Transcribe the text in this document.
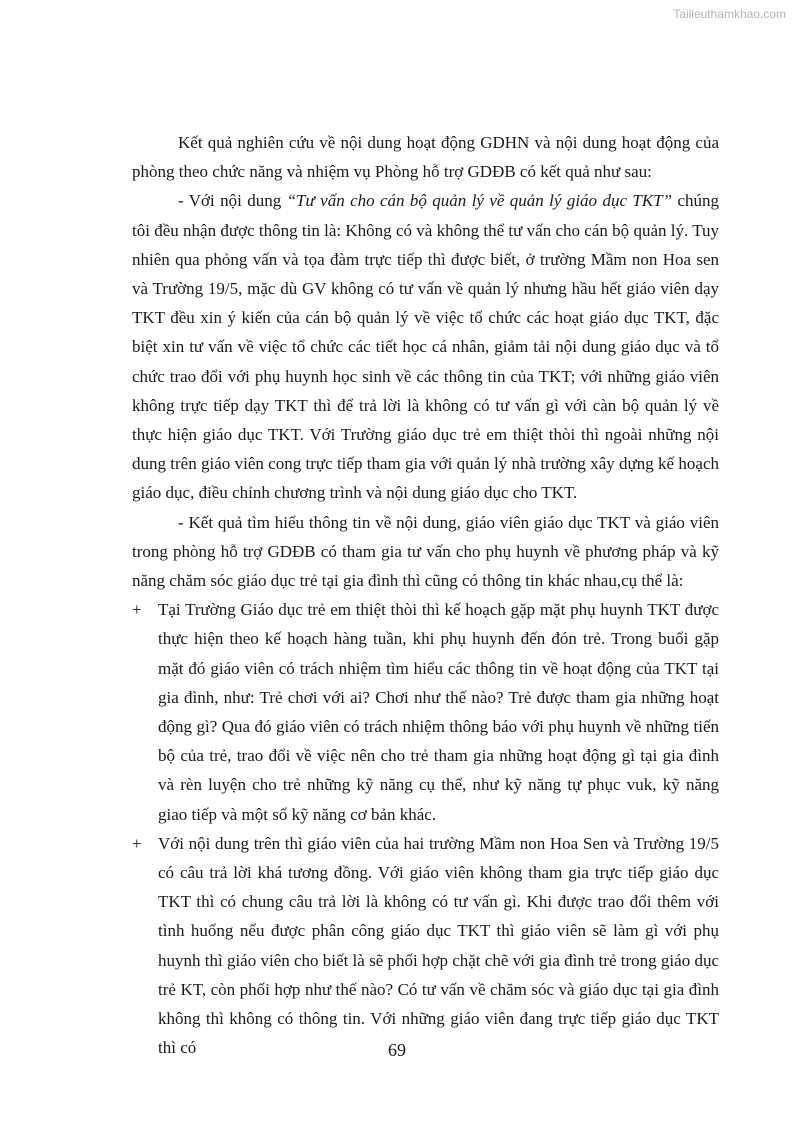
Tailieuthamkhao.com

Kết quả nghiên cứu về nội dung hoạt động GDHN và nội dung hoạt động của phòng theo chức năng và nhiệm vụ Phòng hỗ trợ GDĐB có kết quả như sau:

- Với nội dung “Tư vấn cho cán bộ quản lý về quản lý giáo dục TKT” chúng tôi đều nhận được thông tin là: Không có và không thể tư vấn cho cán bộ quản lý. Tuy nhiên qua phỏng vấn và tọa đàm trực tiếp thì được biết, ở trường Mầm non Hoa sen và Trường 19/5, mặc dù GV không có tư vấn về quản lý nhưng hầu hết giáo viên dạy TKT đều xin ý kiến của cán bộ quản lý về việc tổ chức các hoạt giáo dục TKT, đặc biệt xin tư vấn về việc tổ chức các tiết học cá nhân, giảm tải nội dung giáo dục và tổ chức trao đổi với phụ huynh học sinh về các thông tin của TKT; với những giáo viên không trực tiếp dạy TKT thì để trả lời là không có tư vấn gì với càn bộ quản lý về thực hiện giáo dục TKT. Với Trường giáo dục trẻ em thiệt thòi thì ngoài những nội dung trên giáo viên cong trực tiếp tham gia với quản lý nhà trường xây dựng kế hoạch giáo dục, điều chỉnh chương trình và nội dung giáo dục cho TKT.

- Kết quả tìm hiểu thông tin về nội dung, giáo viên giáo dục TKT và giáo viên trong phòng hỗ trợ GDĐB có tham gia tư vấn cho phụ huynh về phương pháp và kỹ năng chăm sóc giáo dục trẻ tại gia đình thì cũng có thông tin khác nhau,cụ thể là:

+ Tại Trường Giáo dục trẻ em thiệt thòi thì kế hoạch gặp mặt phụ huynh TKT được thực hiện theo kế hoạch hàng tuần, khi phụ huynh đến đón trẻ. Trong buổi gặp mặt đó giáo viên có trách nhiệm tìm hiểu các thông tin về hoạt động của TKT tại gia đình, như: Trẻ chơi với ai? Chơi như thế nào? Trẻ được tham gia những hoạt động gì? Qua đó giáo viên có trách nhiệm thông báo với phụ huynh về những tiến bộ của trẻ, trao đổi về việc nên cho trẻ tham gia những hoạt động gì tại gia đình và rèn luyện cho trẻ những kỹ năng cụ thể, như kỹ năng tự phục vuk, kỹ năng giao tiếp và một số kỹ năng cơ bản khác.
+ Với nội dung trên thì giáo viên của hai trường Mầm non Hoa Sen và Trường 19/5 có câu trả lời khá tương đồng. Với giáo viên không tham gia trực tiếp giáo dục TKT thì có chung câu trả lời là không có tư vấn gì. Khi được trao đổi thêm với tình huống nếu được phân công giáo dục TKT thì giáo viên sẽ làm gì với phụ huynh thì giáo viên cho biết là sẽ phối hợp chặt chẽ với gia đình trẻ trong giáo dục trẻ KT, còn phối hợp như thế nào? Có tư vấn về chăm sóc và giáo dục tại gia đình không thì không có thông tin. Với những giáo viên đang trực tiếp giáo dục TKT thì có	69
